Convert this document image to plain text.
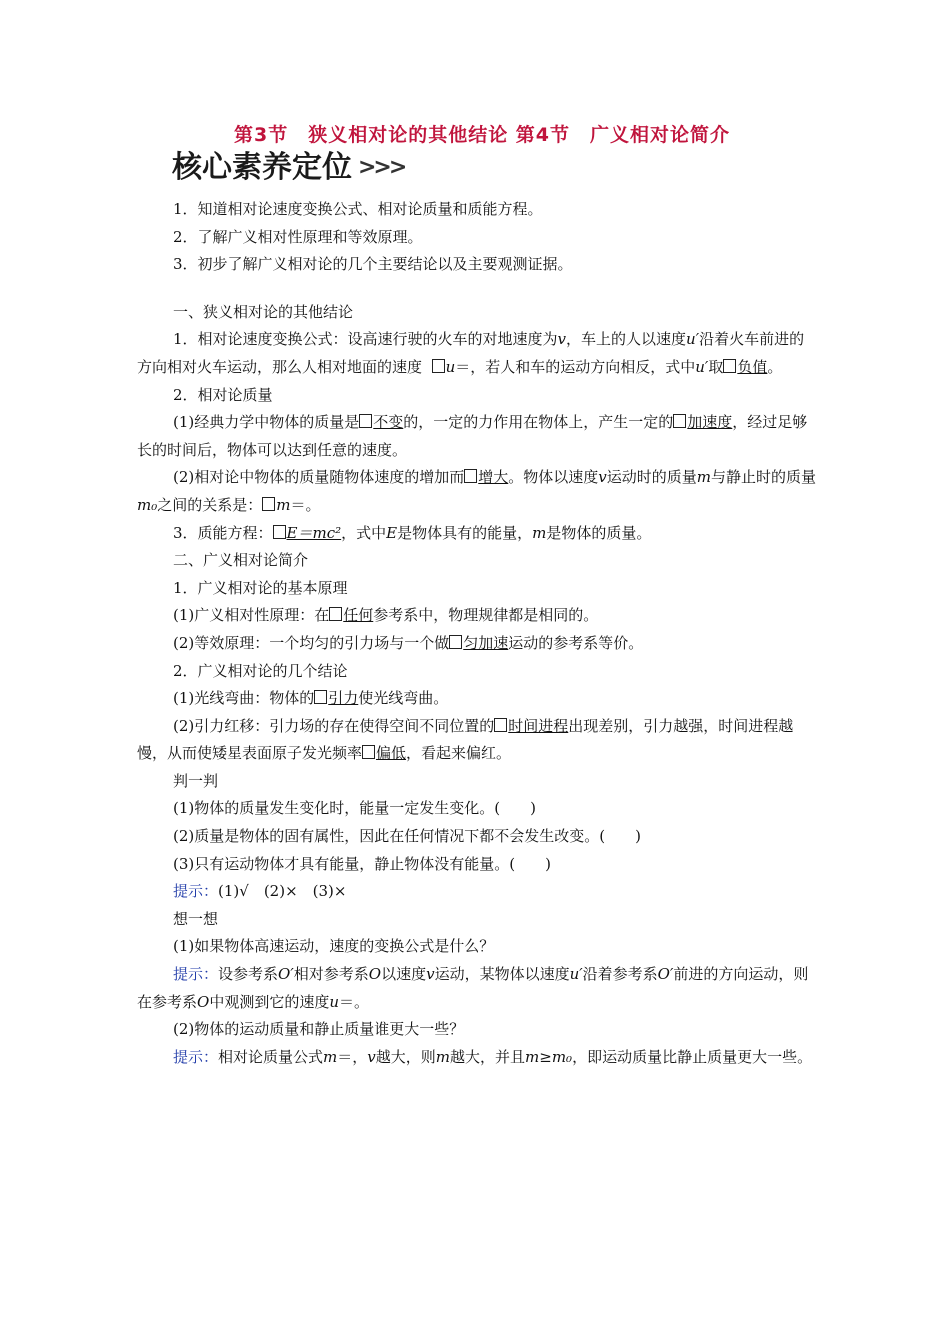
第3节　狭义相对论的其他结论 第4节　广义相对论简介
核心素养定位 >>>

1．知道相对论速度变换公式、相对论质量和质能方程。

2．了解广义相对性原理和等效原理。

3．初步了解广义相对论的几个主要结论以及主要观测证据。

一、狭义相对论的其他结论

1．相对论速度变换公式：设高速行驶的火车的对地速度为v，车上的人以速度u′沿着火车前进的方向相对火车运动，那么人相对地面的速度 u＝，若人和车的运动方向相反，式中u′取 负值。

2．相对论质量

(1)经典力学中物体的质量是 不变的，一定的力作用在物体上，产生一定的 加速度，经过足够长的时间后，物体可以达到任意的速度。

(2)相对论中物体的质量随物体速度的增加而 增大。物体以速度v运动时的质量m与静止时的质量m₀之间的关系是： m＝。

3．质能方程： E＝mc²，式中E是物体具有的能量，m是物体的质量。

二、广义相对论简介

1．广义相对论的基本原理

(1)广义相对性原理：在 任何参考系中，物理规律都是相同的。

(2)等效原理：一个均匀的引力场与一个做 匀加速运动的参考系等价。

2．广义相对论的几个结论

(1)光线弯曲：物体的 引力使光线弯曲。

(2)引力红移：引力场的存在使得空间不同位置的 时间进程出现差别，引力越强，时间进程越慢，从而使矮星表面原子发光频率 偏低，看起来偏红。

判一判

(1)物体的质量发生变化时，能量一定发生变化。(　　)

(2)质量是物体的固有属性，因此在任何情况下都不会发生改变。(　　)

(3)只有运动物体才具有能量，静止物体没有能量。(　　)

提示：(1)√　(2)×　(3)×

想一想

(1)如果物体高速运动，速度的变换公式是什么？

提示：设参考系O′相对参考系O以速度v运动，某物体以速度u′沿着参考系O′前进的方向运动，则在参考系O中观测到它的速度u＝。

(2)物体的运动质量和静止质量谁更大一些？

提示：相对论质量公式m＝，v越大，则m越大，并且m≥m₀，即运动质量比静止质量更大一些。
